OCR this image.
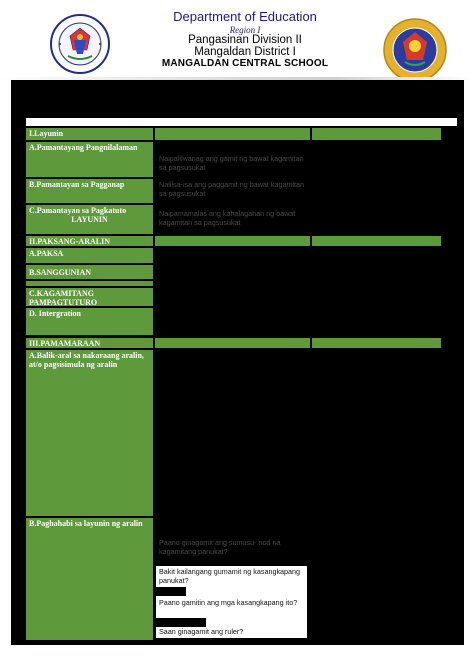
Department of Education
Region I
Pangasinan Division II
Mangaldan District I
MANGALDAN CENTRAL SCHOOL
I.Layunin
A.Pamantayang Pangnilalaman
Naipalilwanag ang gamit ng bawat kagamitan sa pagsusukat
B.Pamantayan sa Pagganap	Nalilsa-isa ang paggamit ng bawat kagamitan sa pagsusukat
C.Pamantayan sa Pagkatuto
LAYUNIN
Naipamamalas ang kahalagahan ng bawat kagamitan sa pagsusukat
II.PAKSANG-ARALIN
A.PAKSA
B.SANGGUNIAN
C.KAGAMITANG PAMPAGTUTURO
D. Intergration
III.PAMAMARAAN
A.Balik-aral sa nakaraang aralin, at/o pagsisimula ng aralin
B.Paghahabi sa layunin ng aralin
Paano ginagamit ang sumusu- nod na kagamitang panukat?
Bakit kailangang gumamit ng kasangkapang panukat?
Paano gamitin ang mga kasangkapang ito?
Saan ginagamit ang ruler?
